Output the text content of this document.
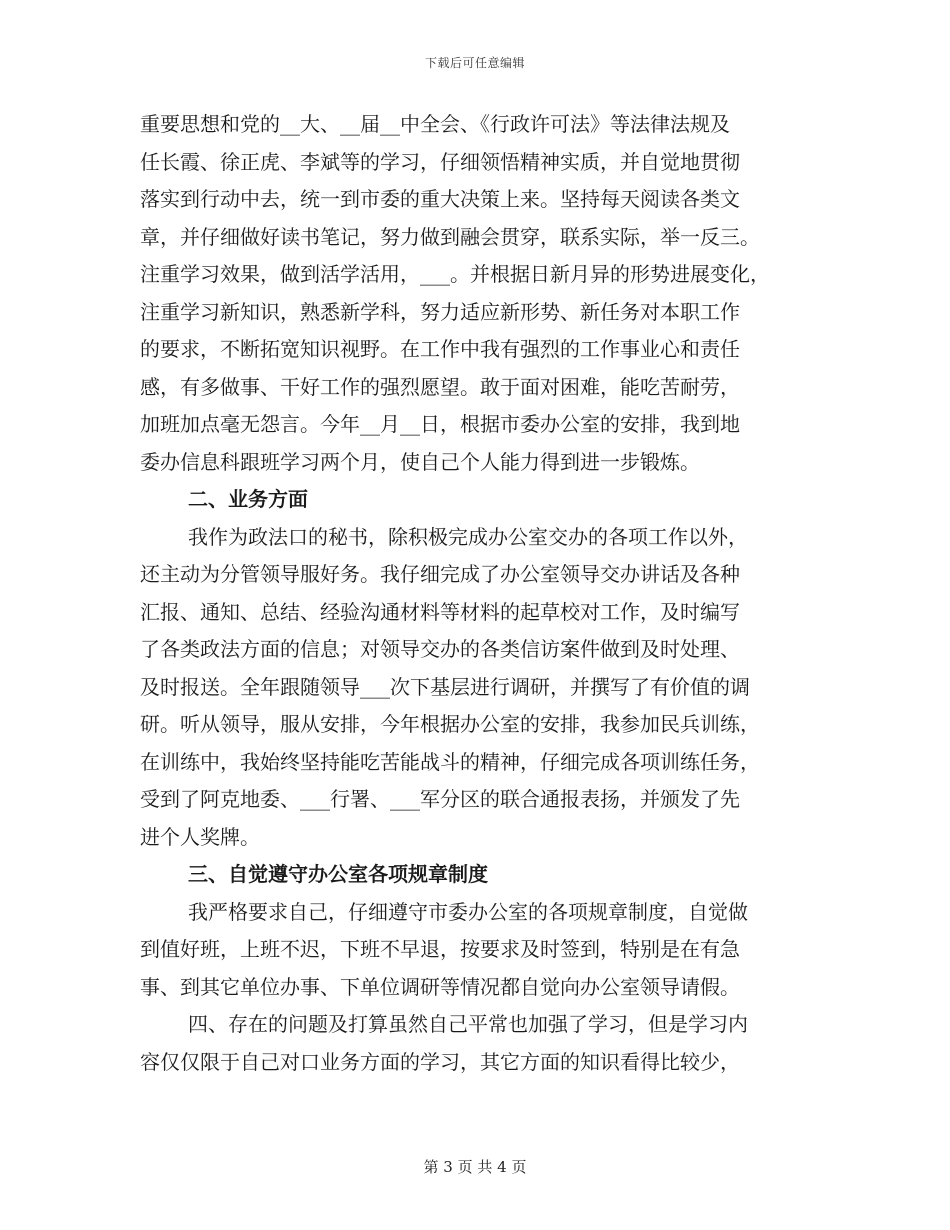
下载后可任意编辑
重要思想和党的__大、__届__中全会、《行政许可法》等法律法规及
任长霞、徐正虎、李斌等的学习，仔细领悟精神实质，并自觉地贯彻
落实到行动中去，统一到市委的重大决策上来。坚持每天阅读各类文
章，并仔细做好读书笔记，努力做到融会贯穿，联系实际，举一反三。
注重学习效果，做到活学活用，___。并根据日新月异的形势进展变化，
注重学习新知识，熟悉新学科，努力适应新形势、新任务对本职工作
的要求，不断拓宽知识视野。在工作中我有强烈的工作事业心和责任
感，有多做事、干好工作的强烈愿望。敢于面对困难，能吃苦耐劳，
加班加点毫无怨言。今年__月__日，根据市委办公室的安排，我到地
委办信息科跟班学习两个月，使自己个人能力得到进一步锻炼。
二、业务方面
我作为政法口的秘书，除积极完成办公室交办的各项工作以外，
还主动为分管领导服好务。我仔细完成了办公室领导交办讲话及各种
汇报、通知、总结、经验沟通材料等材料的起草校对工作，及时编写
了各类政法方面的信息；对领导交办的各类信访案件做到及时处理、
及时报送。全年跟随领导___次下基层进行调研，并撰写了有价值的调
研。听从领导，服从安排，今年根据办公室的安排，我参加民兵训练，
在训练中，我始终坚持能吃苦能战斗的精神，仔细完成各项训练任务，
受到了阿克地委、___行署、___军分区的联合通报表扬，并颁发了先
进个人奖牌。
三、自觉遵守办公室各项规章制度
我严格要求自己，仔细遵守市委办公室的各项规章制度，自觉做
到值好班，上班不迟，下班不早退，按要求及时签到，特别是在有急
事、到其它单位办事、下单位调研等情况都自觉向办公室领导请假。
四、存在的问题及打算虽然自己平常也加强了学习，但是学习内
容仅仅限于自己对口业务方面的学习，其它方面的知识看得比较少，
第 3 页 共 4 页
